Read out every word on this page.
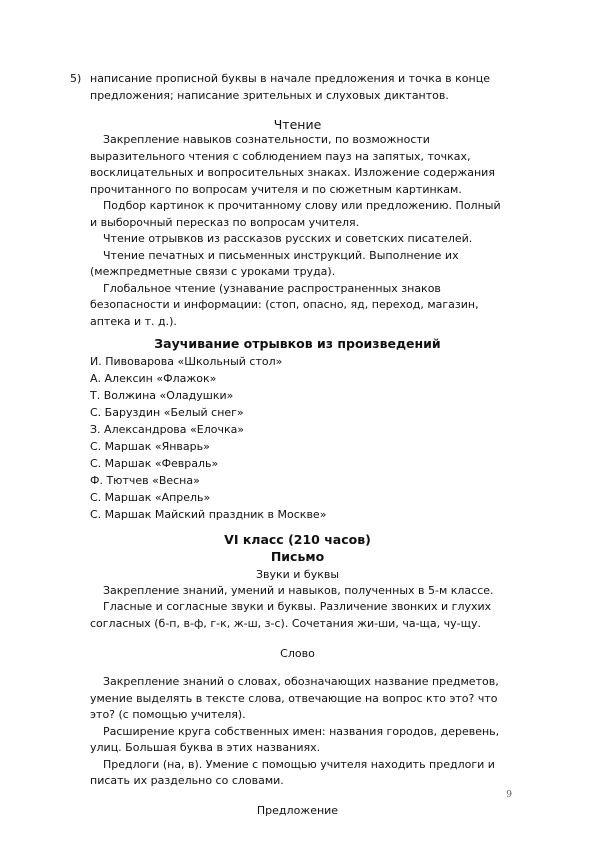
5) написание прописной буквы в начале предложения и точка в конце

предложения; написание зрительных и слуховых диктантов.

Чтение

Закрепление навыков сознательности, по возможности

выразительного чтения с соблюдением пауз на запятых, точках,

восклицательных и вопросительных знаках. Изложение содержания

прочитанного по вопросам учителя и по сюжетным картинкам.

Подбор картинок к прочитанному слову или предложению. Полный

и выборочный пересказ по вопросам учителя.

Чтение отрывков из рассказов русских и советских писателей.

Чтение печатных и письменных инструкций. Выполнение их

(межпредметные связи с уроками труда).

Глобальное чтение (узнавание распространенных знаков

безопасности и информации: (стоп, опасно, яд, переход, магазин,

аптека и т. д.).

Заучивание отрывков из произведений

И. Пивоварова «Школьный стол»

А. Алексин «Флажок»

Т. Волжина «Оладушки»

С. Баруздин «Белый снег»

З. Александрова «Елочка»

С. Маршак «Январь»

С. Маршак «Февраль»

Ф. Тютчев «Весна»

С. Маршак «Апрель»

С. Маршак Майский праздник в Москве»

VI класс (210 часов)

Письмо

Звуки и буквы

Закрепление знаний, умений и навыков, полученных в 5-м классе.

Гласные и согласные звуки и буквы. Различение звонких и глухих

согласных (б-п, в-ф, г-к, ж-ш, з-с). Сочетания жи-ши, ча-ща, чу-щу.

Слово

Закрепление знаний о словах, обозначающих название предметов,

умение выделять в тексте слова, отвечающие на вопрос кто это? что

это? (с помощью учителя).

Расширение круга собственных имен: названия городов, деревень,

улиц. Большая буква в этих названиях.

Предлоги (на, в). Умение с помощью учителя находить предлоги и

писать их раздельно со словами.

Предложение

9
